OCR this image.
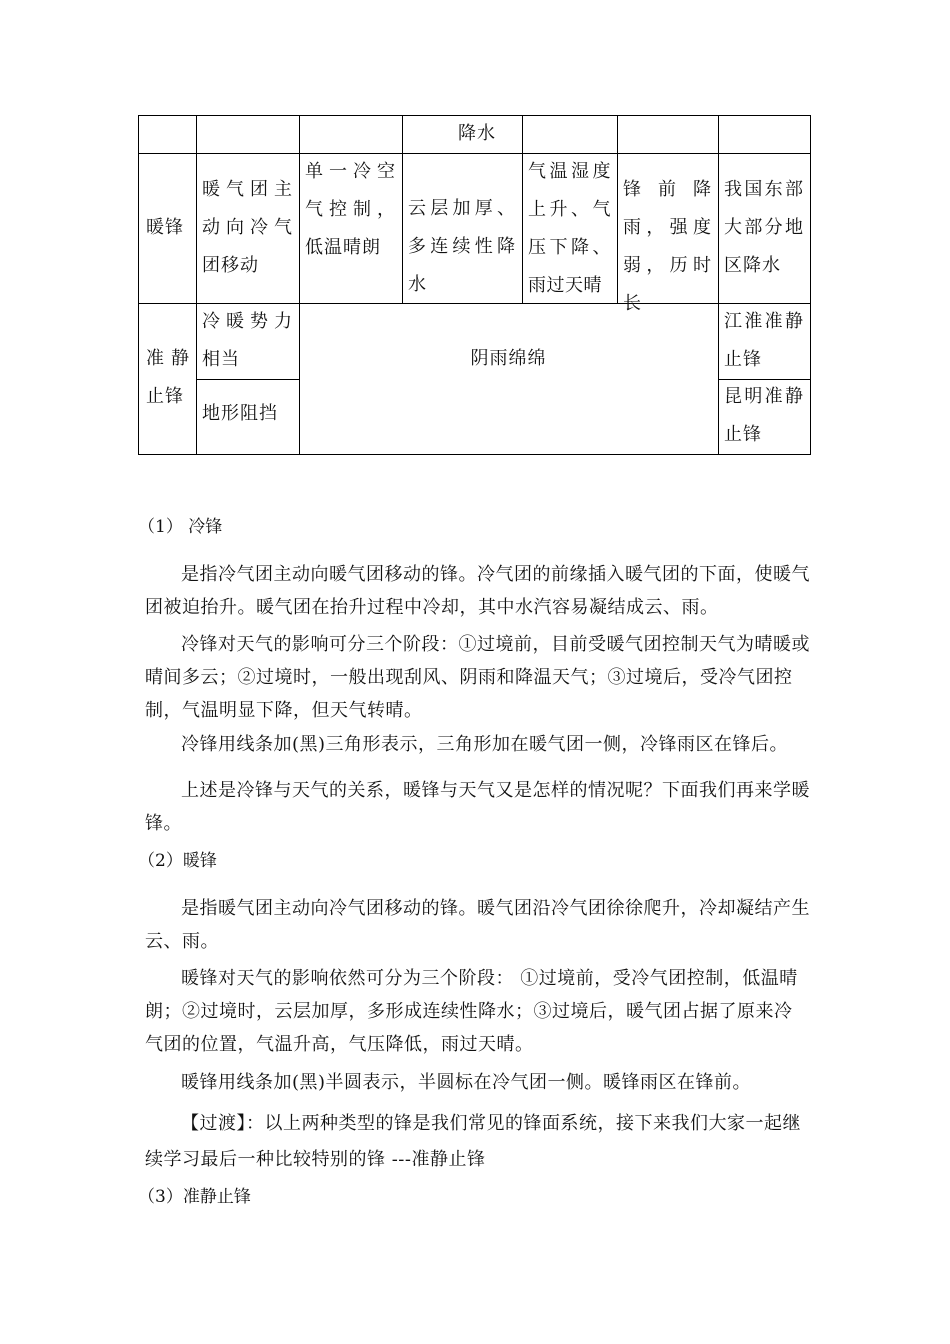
降水
暖锋
暖气团主动向冷气团移动
单一冷空气控制，低温晴朗
云层加厚、多连续性降水
气温湿度上升、气压下降、雨过天晴
锋前降雨，强度弱，历时长
我国东部大部分地区降水
准静止锋
冷暖势力相当
地形阻挡
阴雨绵绵
江淮准静止锋
昆明准静止锋
（1） 冷锋

是指冷气团主动向暖气团移动的锋。冷气团的前缘插入暖气团的下面，使暖气团被迫抬升。暖气团在抬升过程中冷却，其中水汽容易凝结成云、雨。

冷锋对天气的影响可分三个阶段：①过境前，目前受暖气团控制天气为晴暖或晴间多云；②过境时，一般出现刮风、阴雨和降温天气；③过境后，受冷气团控制，气温明显下降，但天气转晴。

冷锋用线条加(黑)三角形表示，三角形加在暖气团一侧，冷锋雨区在锋后。

上述是冷锋与天气的关系，暖锋与天气又是怎样的情况呢？下面我们再来学暖锋。

（2）暖锋

是指暖气团主动向冷气团移动的锋。暖气团沿冷气团徐徐爬升，冷却凝结产生云、雨。

暖锋对天气的影响依然可分为三个阶段： ①过境前，受冷气团控制，低温晴朗；②过境时，云层加厚，多形成连续性降水；③过境后，暖气团占据了原来冷气团的位置，气温升高，气压降低，雨过天晴。

暖锋用线条加(黑)半圆表示，半圆标在冷气团一侧。暖锋雨区在锋前。

【过渡】：以上两种类型的锋是我们常见的锋面系统，接下来我们大家一起继续学习最后一种比较特别的锋 ---准静止锋

（3）准静止锋
